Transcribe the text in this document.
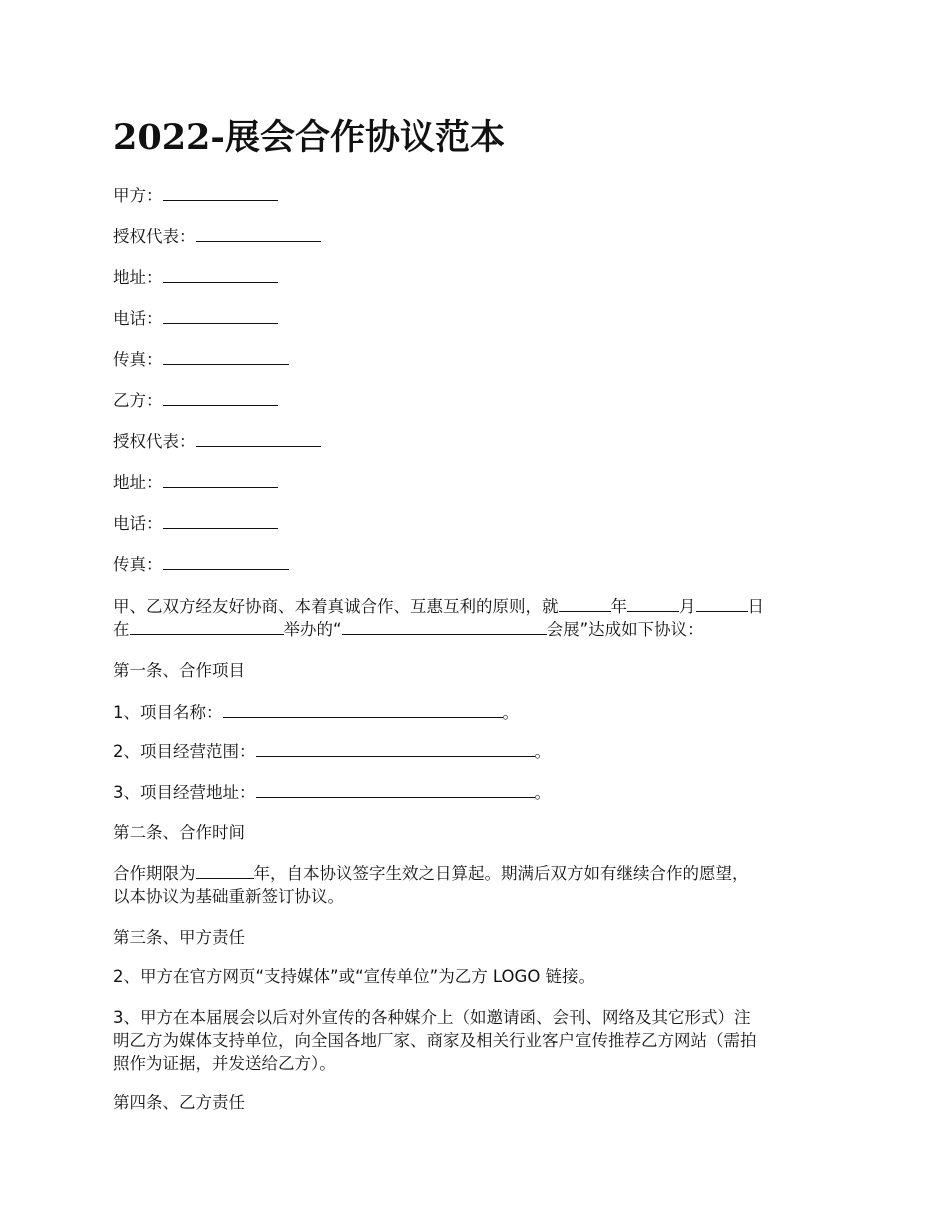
2022-展会合作协议范本
甲方：
授权代表：
地址：
电话：
传真：
乙方：
授权代表：
地址：
电话：
传真：
甲、乙双方经友好协商、本着真诚合作、互惠互利的原则，就	年	月	日
在	举办的“	会展”达成如下协议：
第一条、合作项目
1、项目名称：	。
2、项目经营范围：	。
3、项目经营地址：	。
第二条、合作时间
合作期限为	年，自本协议签字生效之日算起。期满后双方如有继续合作的愿望，
以本协议为基础重新签订协议。
第三条、甲方责任
2、甲方在官方网页“支持媒体”或“宣传单位”为乙方 LOGO 链接。
3、甲方在本届展会以后对外宣传的各种媒介上（如邀请函、会刊、网络及其它形式）注
明乙方为媒体支持单位，向全国各地厂家、商家及相关行业客户宣传推荐乙方网站（需拍
照作为证据，并发送给乙方）。
第四条、乙方责任
